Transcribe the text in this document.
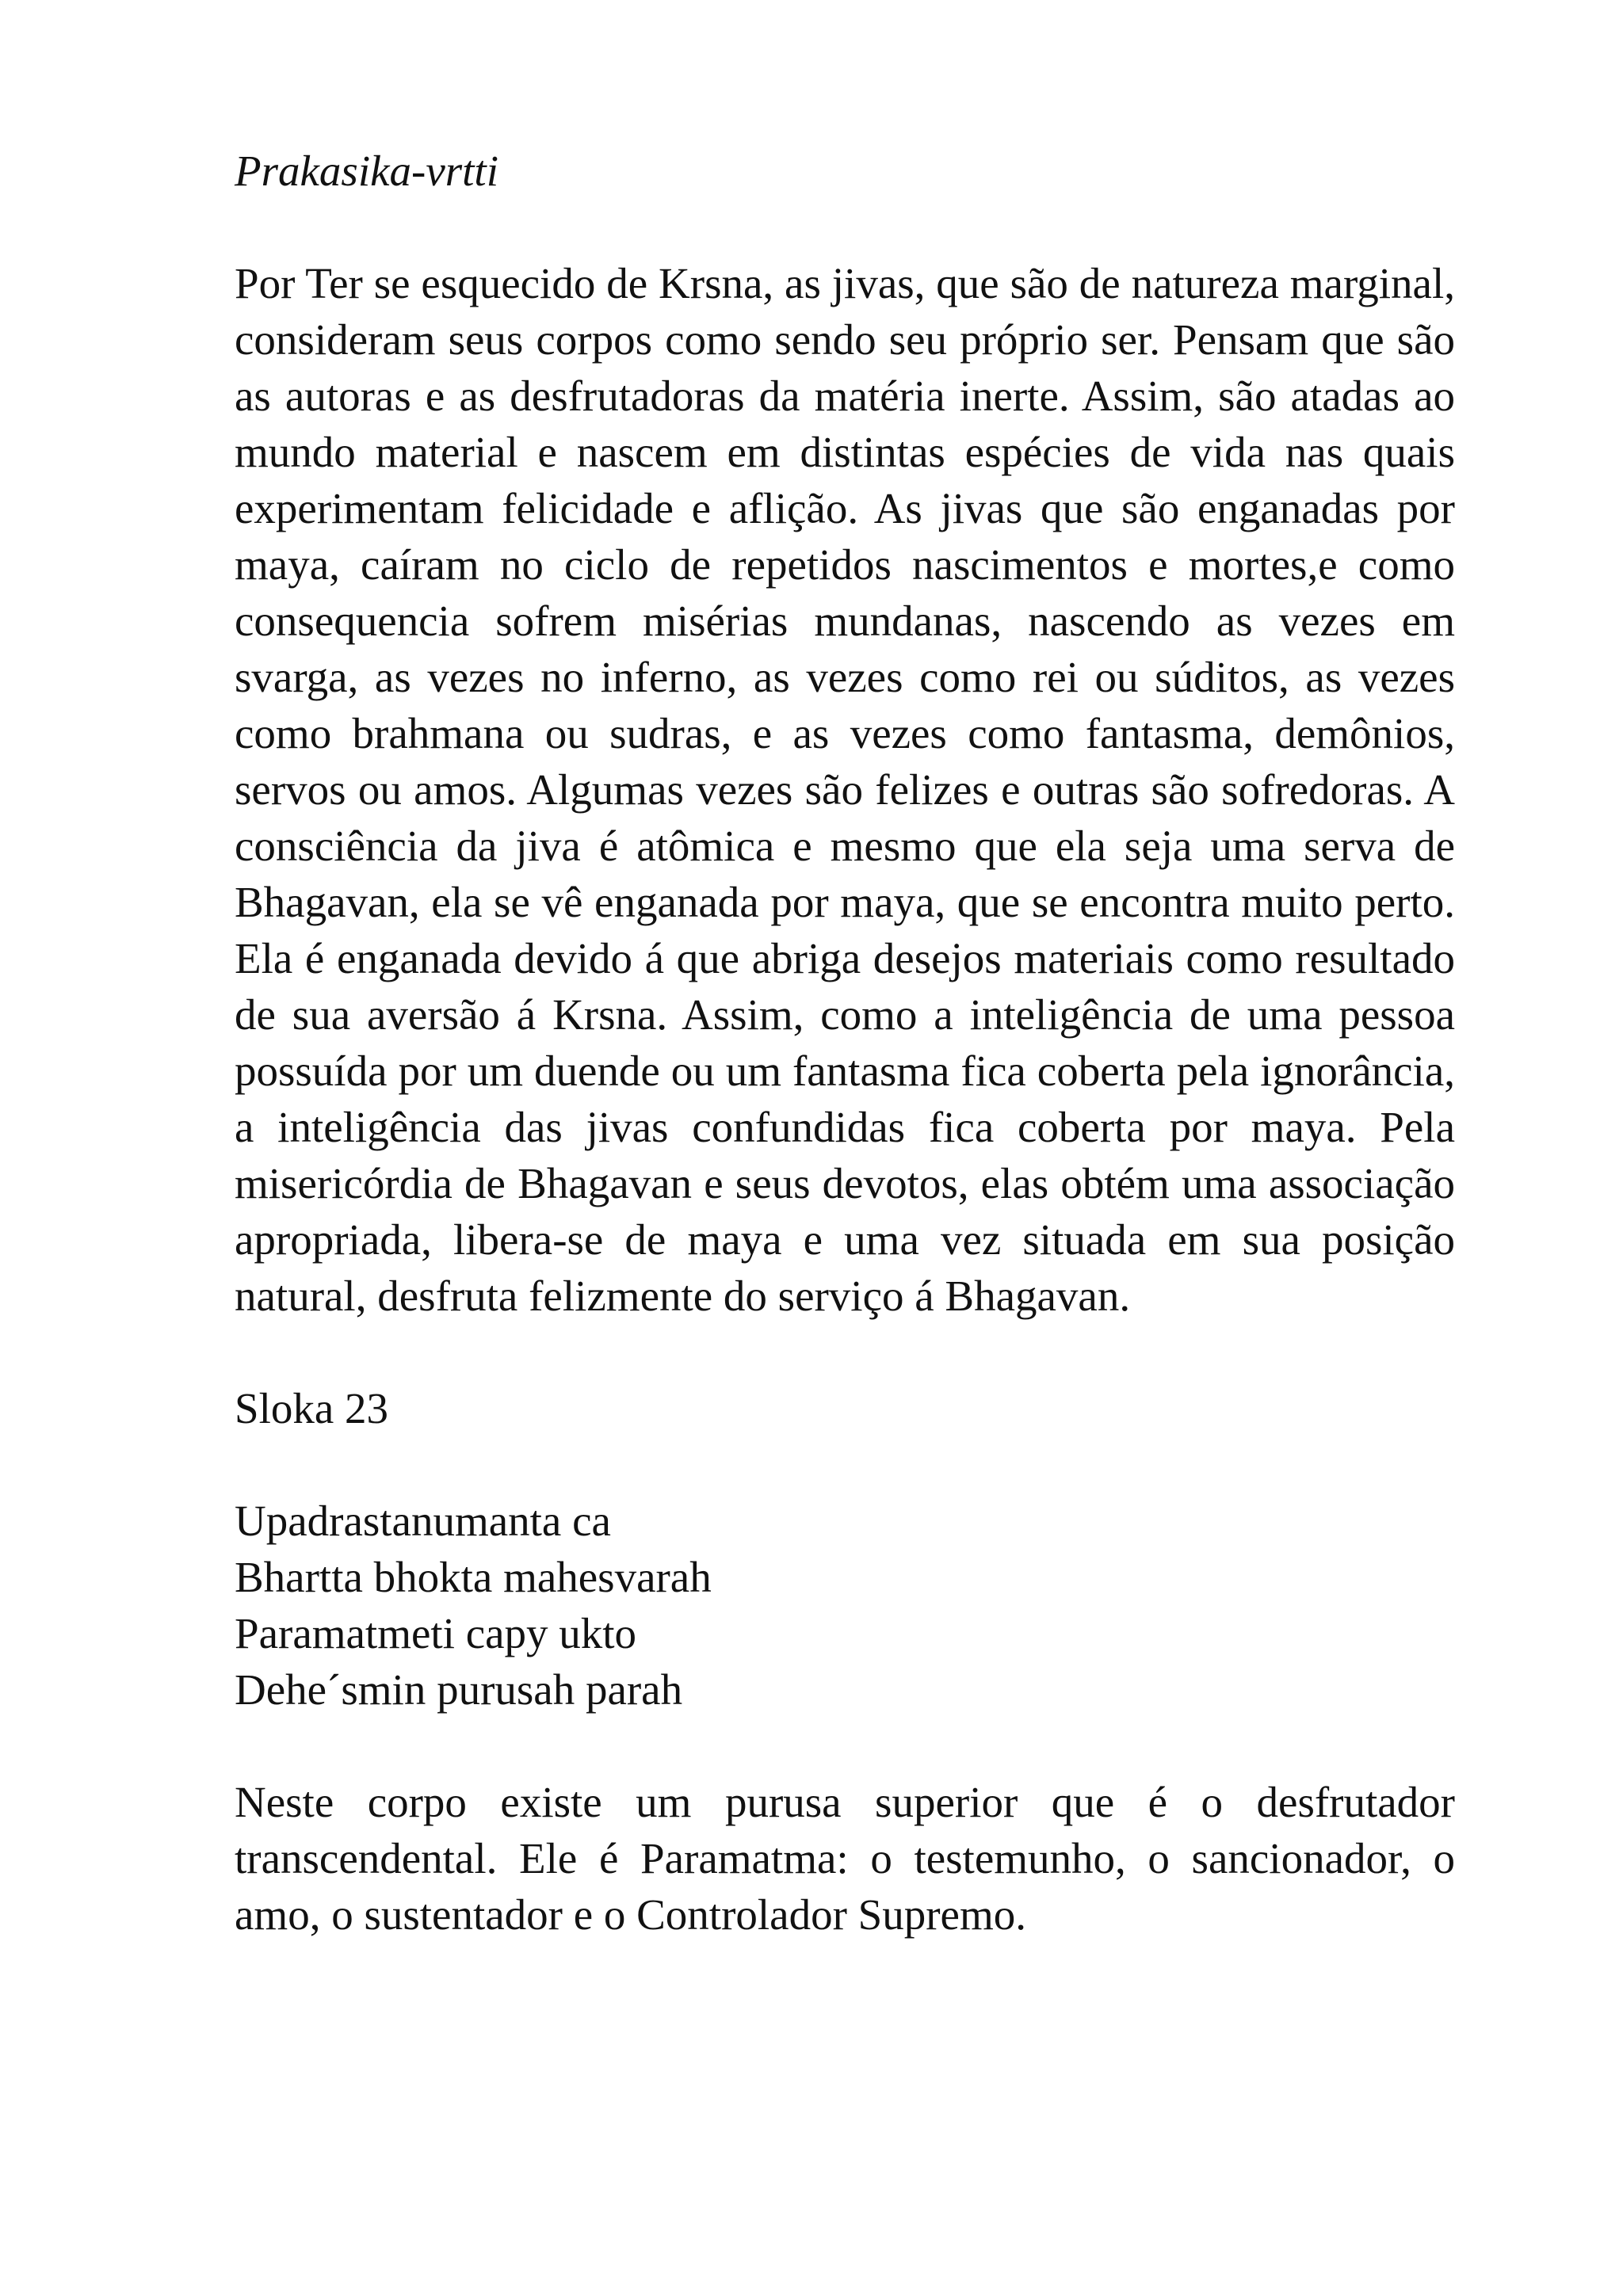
Prakasika-vrtti

Por Ter se esquecido de Krsna, as jivas, que são de natureza marginal, consideram seus corpos como sendo seu próprio ser. Pensam que são as autoras e as desfrutadoras da matéria inerte. Assim, são atadas ao mundo material e nascem em distintas espécies de vida nas quais experimentam felicidade e aflição. As jivas que são enganadas por maya, caíram no ciclo de repetidos nascimentos e mortes,e como consequencia sofrem misérias mundanas, nascendo as vezes em svarga, as vezes no inferno, as vezes como rei ou súditos, as vezes como brahmana ou sudras, e as vezes como fantasma, demônios, servos ou amos. Algumas vezes são felizes e outras são sofredoras. A consciência da jiva é atômica e mesmo que ela seja uma serva de Bhagavan, ela se vê enganada por maya, que se encontra muito perto. Ela é enganada devido á que abriga desejos materiais como resultado de sua aversão á Krsna. Assim, como a inteligência de uma pessoa possuída por um duende ou um fantasma fica coberta pela ignorância, a inteligência das jivas confundidas fica coberta por maya. Pela misericórdia de Bhagavan e seus devotos, elas obtém uma associação apropriada, libera-se de maya e uma vez situada em sua posição natural, desfruta felizmente do serviço á Bhagavan.

Sloka 23

Upadrastanumanta ca
Bhartta bhokta mahesvarah
Paramatmeti capy ukto
Dehe´smin purusah parah

Neste corpo existe um purusa superior que é o desfrutador transcendental. Ele é Paramatma: o testemunho, o sancionador, o amo, o sustentador e o Controlador Supremo.
